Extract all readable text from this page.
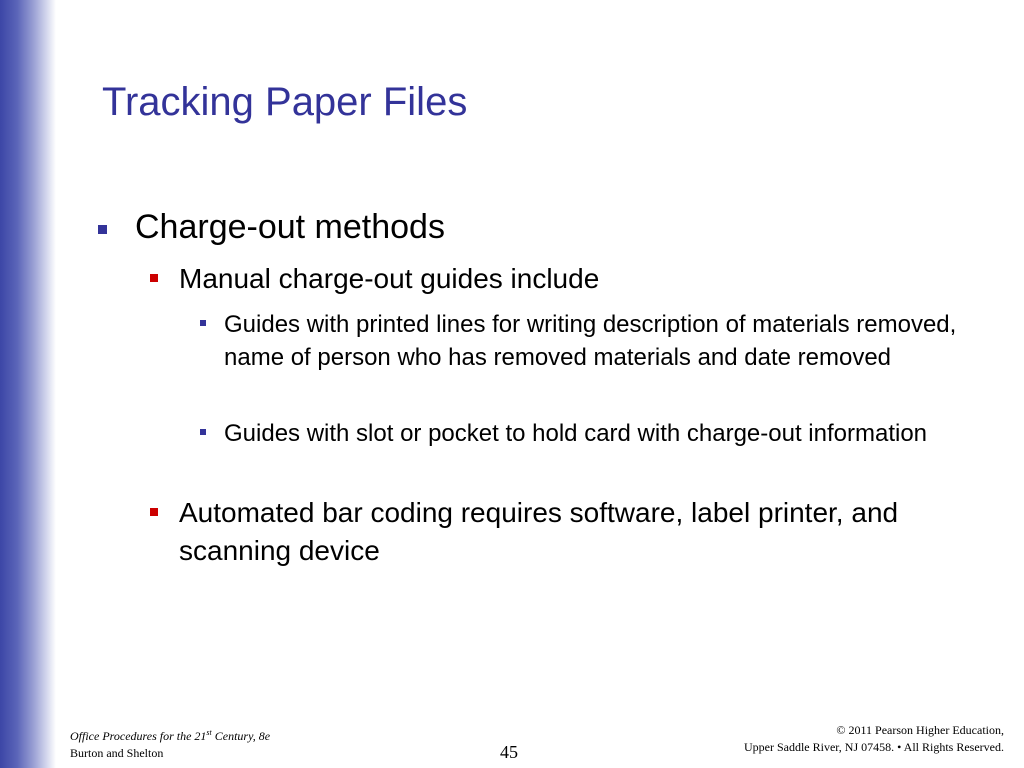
Tracking Paper Files
Charge-out methods
Manual charge-out guides include
Guides with printed lines for writing description of materials removed, name of person who has removed materials and date removed
Guides with slot or pocket to hold card with charge-out information
Automated bar coding requires software, label printer, and scanning device
Office Procedures for the 21st Century, 8e
Burton and Shelton	45
© 2011 Pearson Higher Education,
Upper Saddle River, NJ 07458. • All Rights Reserved.
